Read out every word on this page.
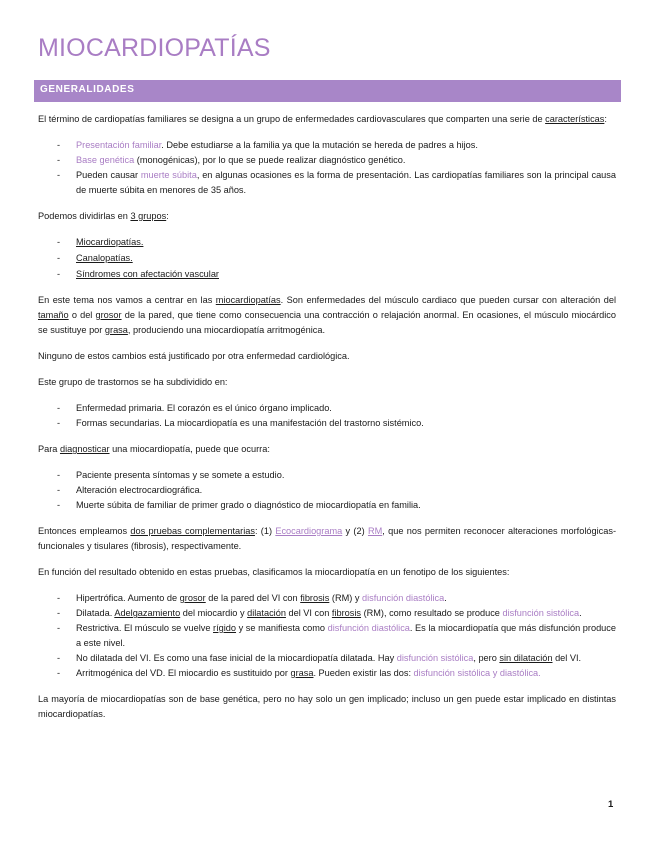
MIOCARDIOPATÍAS
GENERALIDADES

El término de cardiopatías familiares se designa a un grupo de enfermedades cardiovasculares que comparten una serie de características:

- Presentación familiar. Debe estudiarse a la familia ya que la mutación se hereda de padres a hijos.
- Base genética (monogénicas), por lo que se puede realizar diagnóstico genético.
- Pueden causar muerte súbita, en algunas ocasiones es la forma de presentación. Las cardiopatías familiares son la principal causa de muerte súbita en menores de 35 años.

Podemos dividirlas en 3 grupos:

- Miocardiopatías.
- Canalopatías.
- Síndromes con afectación vascular

En este tema nos vamos a centrar en las miocardiopatías. Son enfermedades del músculo cardiaco que pueden cursar con alteración del tamaño o del grosor de la pared, que tiene como consecuencia una contracción o relajación anormal. En ocasiones, el músculo miocárdico se sustituye por grasa, produciendo una miocardiopatía arritmogénica.

Ninguno de estos cambios está justificado por otra enfermedad cardiológica.

Este grupo de trastornos se ha subdividido en:

- Enfermedad primaria. El corazón es el único órgano implicado.
- Formas secundarias. La miocardiopatía es una manifestación del trastorno sistémico.

Para diagnosticar una miocardiopatía, puede que ocurra:

- Paciente presenta síntomas y se somete a estudio.
- Alteración electrocardiográfica.
- Muerte súbita de familiar de primer grado o diagnóstico de miocardiopatía en familia.

Entonces empleamos dos pruebas complementarias: (1) Ecocardiograma y (2) RM, que nos permiten reconocer alteraciones morfológicas-funcionales y tisulares (fibrosis), respectivamente.

En función del resultado obtenido en estas pruebas, clasificamos la miocardiopatía en un fenotipo de los siguientes:

- Hipertrófica. Aumento de grosor de la pared del VI con fibrosis (RM) y disfunción diastólica.
- Dilatada. Adelgazamiento del miocardio y dilatación del VI con fibrosis (RM), como resultado se produce disfunción sistólica.
- Restrictiva. El músculo se vuelve rígido y se manifiesta como disfunción diastólica. Es la miocardiopatía que más disfunción produce a este nivel.
- No dilatada del VI. Es como una fase inicial de la miocardiopatía dilatada. Hay disfunción sistólica, pero sin dilatación del VI.
- Arritmogénica del VD. El miocardio es sustituido por grasa. Pueden existir las dos: disfunción sistólica y diastólica.

La mayoría de miocardiopatías son de base genética, pero no hay solo un gen implicado; incluso un gen puede estar implicado en distintas miocardiopatías.

1
